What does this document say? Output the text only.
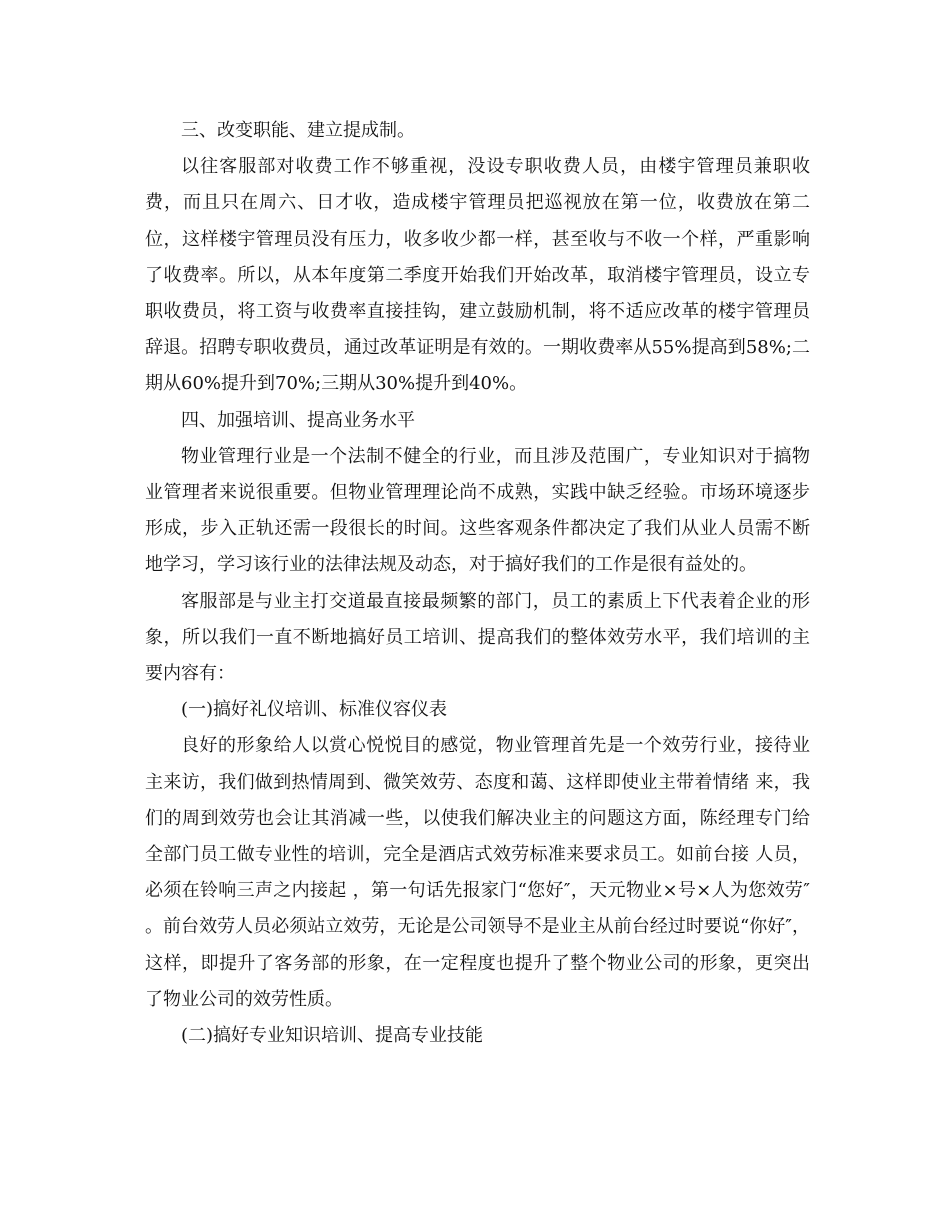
三、改变职能、建立提成制。

以往客服部对收费工作不够重视，没设专职收费人员，由楼宇管理员兼职收费，而且只在周六、日才收，造成楼宇管理员把巡视放在第一位，收费放在第二位，这样楼宇管理员没有压力，收多收少都一样，甚至收与不收一个样，严重影响了收费率。所以，从本年度第二季度开始我们开始改革，取消楼宇管理员，设立专职收费员，将工资与收费率直接挂钩，建立鼓励机制，将不适应改革的楼宇管理员辞退。招聘专职收费员，通过改革证明是有效的。一期收费率从55%提高到58%;二期从60%提升到70%;三期从30%提升到40%。

四、加强培训、提高业务水平

物业管理行业是一个法制不健全的行业，而且涉及范围广，专业知识对于搞物业管理者来说很重要。但物业管理理论尚不成熟，实践中缺乏经验。市场环境逐步形成，步入正轨还需一段很长的时间。这些客观条件都决定了我们从业人员需不断地学习，学习该行业的法律法规及动态，对于搞好我们的工作是很有益处的。

客服部是与业主打交道最直接最频繁的部门，员工的素质上下代表着企业的形象，所以我们一直不断地搞好员工培训、提高我们的整体效劳水平，我们培训的主要内容有：

(一)搞好礼仪培训、标准仪容仪表

良好的形象给人以赏心悦悦目的感觉，物业管理首先是一个效劳行业，接待业主来访，我们做到热情周到、微笑效劳、态度和蔼、这样即使业主带着情绪 来，我们的周到效劳也会让其消减一些，以使我们解决业主的问题这方面，陈经理专门给全部门员工做专业性的培训，完全是酒店式效劳标准来要求员工。如前台接 人员，必须在铃响三声之内接起 ，第一句话先报家门“您好″，天元物业×号×人为您效劳″ 。前台效劳人员必须站立效劳，无论是公司领导不是业主从前台经过时要说“你好″，这样，即提升了客务部的形象，在一定程度也提升了整个物业公司的形象，更突出了物业公司的效劳性质。

(二)搞好专业知识培训、提高专业技能
